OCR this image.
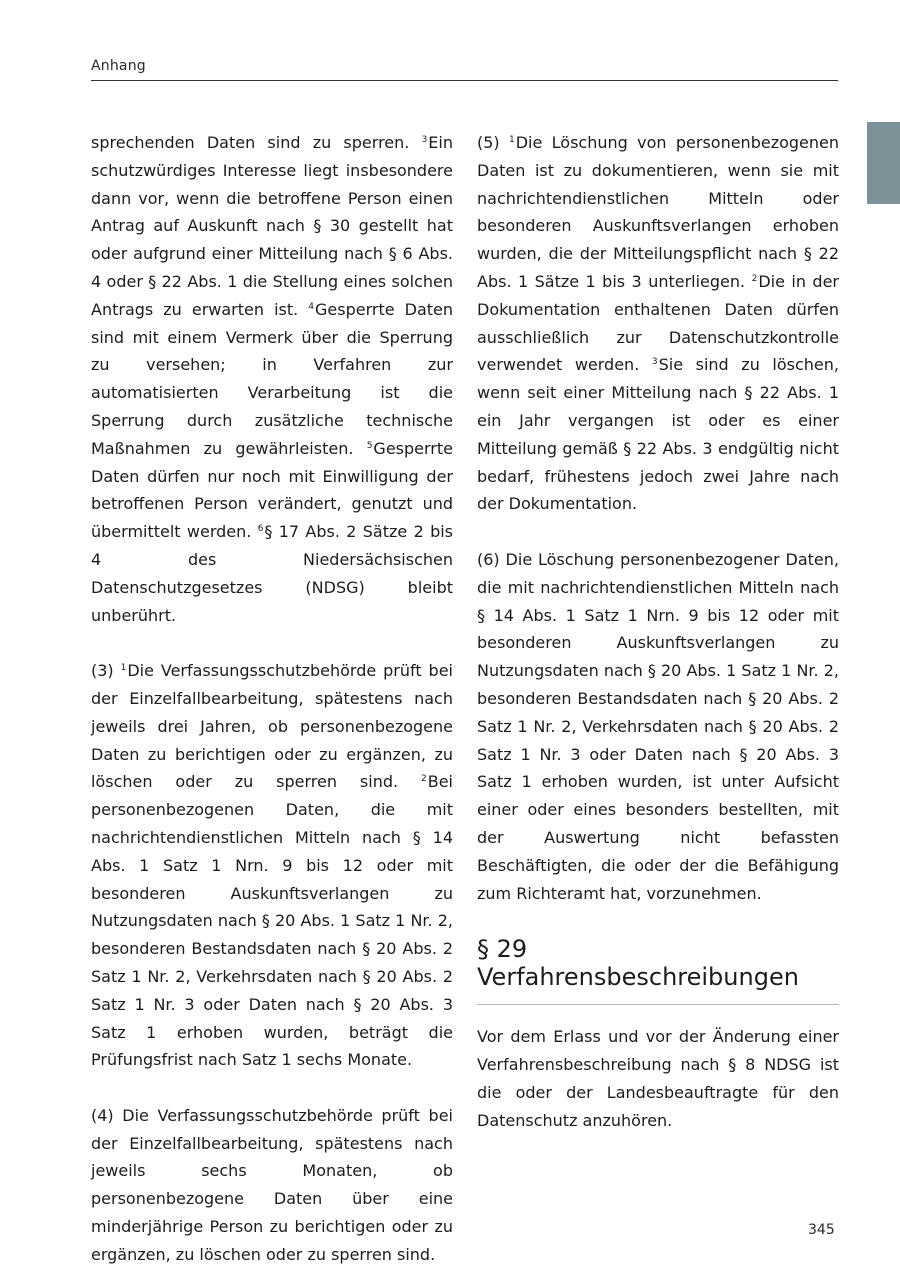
Anhang

sprechenden Daten sind zu sperren. $^3$Ein schutzwürdiges Interesse liegt insbesondere dann vor, wenn die betroffene Person einen Antrag auf Auskunft nach § 30 gestellt hat oder aufgrund einer Mitteilung nach § 6 Abs. 4 oder § 22 Abs. 1 die Stellung eines solchen Antrags zu erwarten ist. $^4$Gesperrte Daten sind mit einem Vermerk über die Sperrung zu versehen; in Verfahren zur automatisierten Verarbeitung ist die Sperrung durch zusätzliche technische Maßnahmen zu gewährleisten. $^5$Gesperrte Daten dürfen nur noch mit Einwilligung der betroffenen Person verändert, genutzt und übermittelt werden. $^6$§ 17 Abs. 2 Sätze 2 bis 4 des Niedersächsischen Datenschutzgesetzes (NDSG) bleibt unberührt.

(3) $^1$Die Verfassungsschutzbehörde prüft bei der Einzelfallbearbeitung, spätestens nach jeweils drei Jahren, ob personenbezogene Daten zu berichtigen oder zu ergänzen, zu löschen oder zu sperren sind. $^2$Bei personenbezogenen Daten, die mit nachrichtendienstlichen Mitteln nach § 14 Abs. 1 Satz 1 Nrn. 9 bis 12 oder mit besonderen Auskunftsverlangen zu Nutzungsdaten nach § 20 Abs. 1 Satz 1 Nr. 2, besonderen Bestandsdaten nach § 20 Abs. 2 Satz 1 Nr. 2, Verkehrsdaten nach § 20 Abs. 2 Satz 1 Nr. 3 oder Daten nach § 20 Abs. 3 Satz 1 erhoben wurden, beträgt die Prüfungsfrist nach Satz 1 sechs Monate.

(4) Die Verfassungsschutzbehörde prüft bei der Einzelfallbearbeitung, spätestens nach jeweils sechs Monaten, ob personenbezogene Daten über eine minderjährige Person zu berichtigen oder zu ergänzen, zu löschen oder zu sperren sind.

(5) $^1$Die Löschung von personenbezogenen Daten ist zu dokumentieren, wenn sie mit nachrichtendienstlichen Mitteln oder besonderen Auskunftsverlangen erhoben wurden, die der Mitteilungspflicht nach § 22 Abs. 1 Sätze 1 bis 3 unterliegen. $^2$Die in der Dokumentation enthaltenen Daten dürfen ausschließlich zur Datenschutzkontrolle verwendet werden. $^3$Sie sind zu löschen, wenn seit einer Mitteilung nach § 22 Abs. 1 ein Jahr vergangen ist oder es einer Mitteilung gemäß § 22 Abs. 3 endgültig nicht bedarf, frühestens jedoch zwei Jahre nach der Dokumentation.

(6) Die Löschung personenbezogener Daten, die mit nachrichtendienstlichen Mitteln nach § 14 Abs. 1 Satz 1 Nrn. 9 bis 12 oder mit besonderen Auskunftsverlangen zu Nutzungsdaten nach § 20 Abs. 1 Satz 1 Nr. 2, besonderen Bestandsdaten nach § 20 Abs. 2 Satz 1 Nr. 2, Verkehrsdaten nach § 20 Abs. 2 Satz 1 Nr. 3 oder Daten nach § 20 Abs. 3 Satz 1 erhoben wurden, ist unter Aufsicht einer oder eines besonders bestellten, mit der Auswertung nicht befassten Beschäftigten, die oder der die Befähigung zum Richteramt hat, vorzunehmen.

§ 29
Verfahrensbeschreibungen

Vor dem Erlass und vor der Änderung einer Verfahrensbeschreibung nach § 8 NDSG ist die oder der Landesbeauftragte für den Datenschutz anzuhören.

345
